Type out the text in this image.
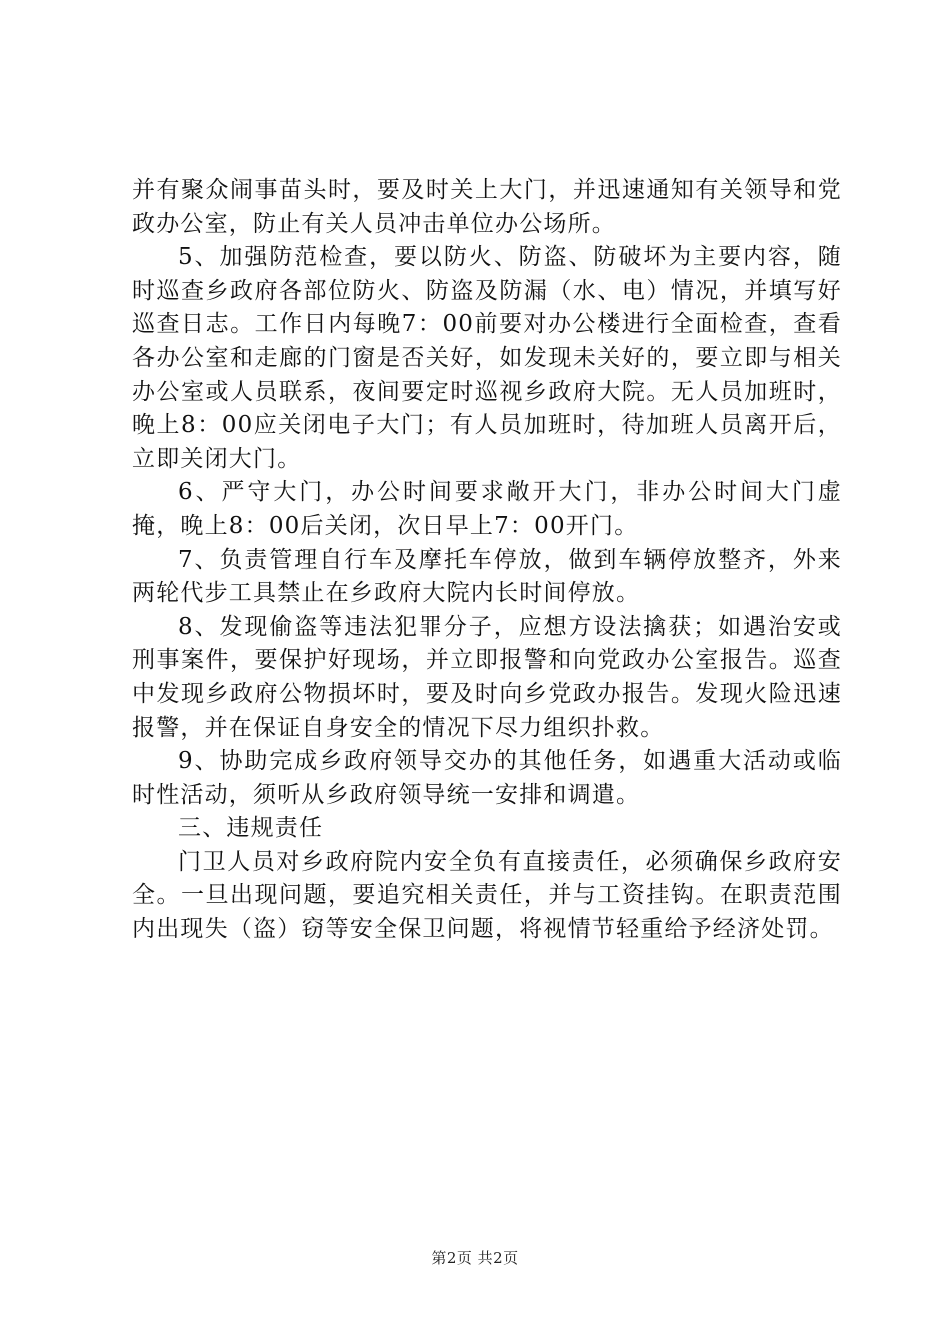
并有聚众闹事苗头时，要及时关上大门，并迅速通知有关领导和党政办公室，防止有关人员冲击单位办公场所。

5、加强防范检查，要以防火、防盗、防破坏为主要内容，随时巡查乡政府各部位防火、防盗及防漏（水、电）情况，并填写好巡查日志。工作日内每晚7：00前要对办公楼进行全面检查，查看各办公室和走廊的门窗是否关好，如发现未关好的，要立即与相关办公室或人员联系，夜间要定时巡视乡政府大院。无人员加班时，晚上8：00应关闭电子大门；有人员加班时，待加班人员离开后，立即关闭大门。

6、严守大门，办公时间要求敞开大门，非办公时间大门虚掩，晚上8：00后关闭，次日早上7：00开门。

7、负责管理自行车及摩托车停放，做到车辆停放整齐，外来两轮代步工具禁止在乡政府大院内长时间停放。

8、发现偷盗等违法犯罪分子，应想方设法擒获；如遇治安或刑事案件，要保护好现场，并立即报警和向党政办公室报告。巡查中发现乡政府公物损坏时，要及时向乡党政办报告。发现火险迅速报警，并在保证自身安全的情况下尽力组织扑救。

9、协助完成乡政府领导交办的其他任务，如遇重大活动或临时性活动，须听从乡政府领导统一安排和调遣。

三、违规责任

门卫人员对乡政府院内安全负有直接责任，必须确保乡政府安全。一旦出现问题，要追究相关责任，并与工资挂钩。在职责范围内出现失（盗）窃等安全保卫问题，将视情节轻重给予经济处罚。

第2页 共2页
